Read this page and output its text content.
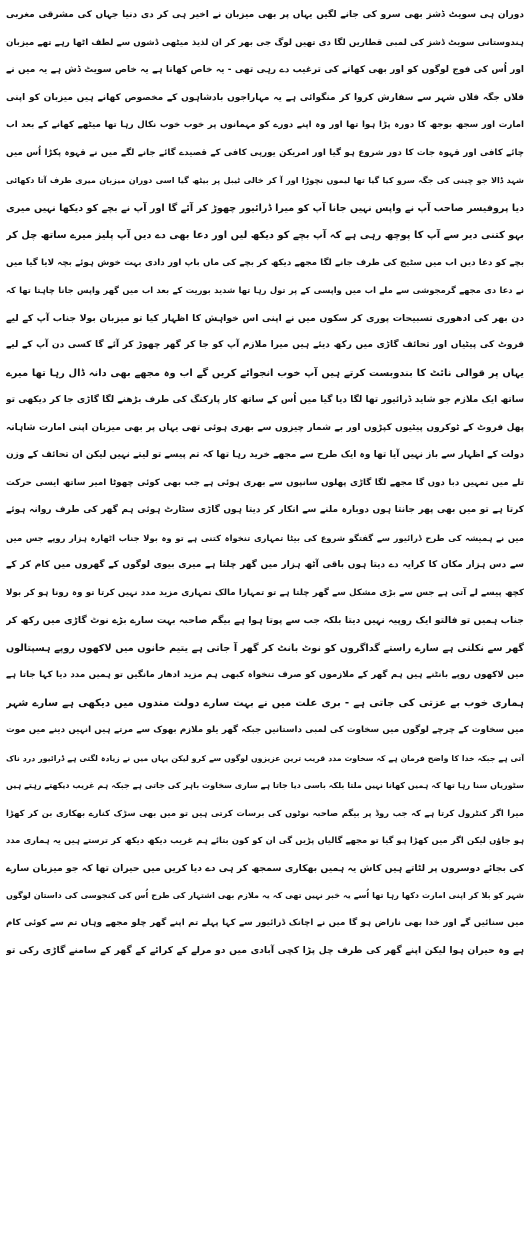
دوران ہی سویٹ ڈشز بھی سرو کی جانے لگیں یہاں پر بھی میزبان نے اخیر ہی کر دی دنیا جہاں کی مشرقی مغربی
ہندوستانی سویٹ ڈشز کی لمبی قطاریں لگا دی تھیں لوگ جی بھر کر ان لذیذ میٹھی ڈشوں سے لطف اٹھا رہے تھے میزبان
اور اُس کی فوج لوگوں کو اور بھی کھانے کی ترغیب دے رہی تھی - یہ خاص کھانا ہے یہ خاص سویٹ ڈش ہے یہ میں نے
فلاں جگہ فلاں شہر سے سفارش کروا کر منگوائی ہے یہ مہاراجوں بادشاہوں کے مخصوص کھانے ہیں میزبان کو اپنی
امارت اور سجھ بوجھ کا دورہ پڑا ہوا تھا اور وہ اپنے دورے کو مہمانوں پر خوب خوب نکال رہا تھا میٹھے کھانے کے بعد اب
چائے کافی اور قہوہ جات کا دور شروع ہو گیا اور امریکن یورپی کافی کے قصیدے گائے جانے لگے میں نے قہوہ پکڑا اُس میں
شہد ڈالا جو چینی کی جگہ سرو کیا گیا تھا لیموں نچوڑا اور آ کر خالی ٹیبل پر بیٹھ گیا اسی دوران میزبان میری طرف آتا دکھائی
دیا پروفیسر صاحب آپ نے واپس نہیں جانا آپ کو میرا ڈرائیور چھوڑ کر آئے گا اور آپ نے بچے کو دیکھا نہیں میری
بہو کتنی دیر سے آپ کا پوچھ رہی ہے کہ آپ بچے کو دیکھ لیں اور دعا بھی دے دیں آپ پلیز میرے ساتھ چل کر
بچے کو دعا دیں اب میں سٹیج کی طرف جانے لگا مجھے دیکھ کر بچے کی ماں باپ اور دادی بہت خوش ہوئے بچہ لایا گیا میں
نے دعا دی مجھے گرمجوشی سے ملے اب میں واپسی کے پر تول رہا تھا شدید بوریت کے بعد اب میں گھر واپس جانا چاہتا تھا کہ
دن بھر کی ادھوری تسبیحات پوری کر سکوں میں نے اپنی اس خواہش کا اظہار کیا تو میزبان بولا جناب آپ کے لیے
فروٹ کی پیٹیاں اور تحائف گاڑی میں رکھ دیئے ہیں میرا ملازم آپ کو جا کر گھر چھوڑ کر آئے گا کسی دن آپ کے لیے
یہاں پر قوالی نائٹ کا بندوبست کرتے ہیں آپ خوب انجوائے کریں گے اب وہ مجھے بھی دانہ ڈال رہا تھا میرے
ساتھ ایک ملازم جو شاید ڈرائیور تھا لگا دیا گیا میں اُس کے ساتھ کار پارکنگ کی طرف بڑھنے لگا گاڑی جا کر دیکھی تو
پھل فروٹ کے ٹوکروں پیٹیوں کپڑوں اور بے شمار چیزوں سے بھری ہوئی تھی یہاں پر بھی میزبان اپنی امارت شاہانہ
دولت کے اظہار سے باز نہیں آیا تھا وہ ایک طرح سے مجھے خرید رہا تھا کہ تم پیسے تو لیتے نہیں لیکن ان تحائف کے وزن
تلے میں تمہیں دبا دوں گا مجھے لگا گاڑی پھلوں سانپوں سے بھری ہوئی ہے جب بھی کوئی چھوٹا امیر ساتھ ایسی حرکت
کرتا ہے تو میں بھی پھر جانتا ہوں دوبارہ ملنے سے انکار کر دیتا ہوں گاڑی سٹارٹ ہوئی ہم گھر کی طرف روانہ ہوئے
میں نے ہمیشہ کی طرح ڈرائیور سے گفتگو شروع کی بیٹا تمہاری تنخواہ کتنی ہے تو وہ بولا جناب اٹھارہ ہزار روپے جس میں
سے دس ہزار مکان کا کرایہ دے دیتا ہوں باقی آٹھ ہزار میں گھر چلتا ہے میری بیوی لوگوں کے گھروں میں کام کر کے
کچھ پیسے لے آتی ہے جس سے بڑی مشکل سے گھر چلتا ہے تو تمہارا مالک تمہاری مزید مدد نہیں کرتا تو وہ رونا ہو کر بولا
جناب ہمیں تو فالتو ایک روپیہ نہیں دیتا بلکہ جب سے پوتا ہوا ہے بیگم صاحبہ بہت سارے بڑے نوٹ گاڑی میں رکھ کر
گھر سے نکلتی ہے سارے راستے گداگروں کو نوٹ بانٹ کر گھر آ جاتی ہے یتیم خانوں میں لاکھوں روپے ہسپتالوں
میں لاکھوں روپے بانٹنے ہیں ہم گھر کے ملازموں کو صرف تنخواہ کبھی ہم مزید ادھار مانگیں تو ہمیں مدد دیا کہا جاتا ہے
ہماری خوب بے عزتی کی جاتی ہے - بری علت میں نے بہت سارے دولت مندوں میں دیکھی ہے سارے شہر
میں سخاوت کے چرچے لوگوں میں سخاوت کی لمبی داستانیں جبکہ گھر یلو ملازم بھوک سے مرتے ہیں انہیں دینے میں موت
آتی ہے جبکہ خدا کا واضح فرمان ہے کہ سخاوت مدد قریب ترین عزیزوں لوگوں سے کرو لیکن یہاں میں نے زیادہ لگتی ہے ڈرائیور درد ناک
سٹوریاں سنا رہا تھا کہ ہمیں کھانا نہیں ملتا بلکہ باسی دیا جاتا ہے ساری سخاوت باہر کی جاتی ہے جبکہ ہم غریب دیکھتے رہتے ہیں
میرا اگر کنٹرول کرتا ہے کہ جب روڈ پر بیگم صاحبہ نوٹوں کی برسات کرتی ہیں تو میں بھی سڑک کنارے بھکاری بن کر کھڑا
ہو جاؤں لیکن اگر میں کھڑا ہو گیا تو مجھے گالیاں پڑیں گی ان کو کون بتائے ہم غریب دیکھ دیکھ کر ترستے ہیں یہ ہماری مدد
کی بجائے دوسروں پر لٹاتے ہیں کاش یہ ہمیں بھکاری سمجھ کر ہی دے دیا کریں میں حیران تھا کہ جو میزبان سارے
شہر کو بلا کر اپنی امارت دکھا رہا تھا اُسے یہ خبر نہیں تھی کہ یہ ملازم بھی اشتہار کی طرح اُس کی کنجوسی کی داستان لوگوں
میں سنائیں گے اور خدا بھی ناراض ہو گا میں نے اچانک ڈرائیور سے کہا پہلے تم اپنے گھر چلو مجھے وہاں تم سے کوئی کام
ہے وہ حیران ہوا لیکن اپنے گھر کی طرف چل پڑا کچی آبادی میں دو مرلے کے کرائے کے گھر کے سامنے گاڑی رکی تو
